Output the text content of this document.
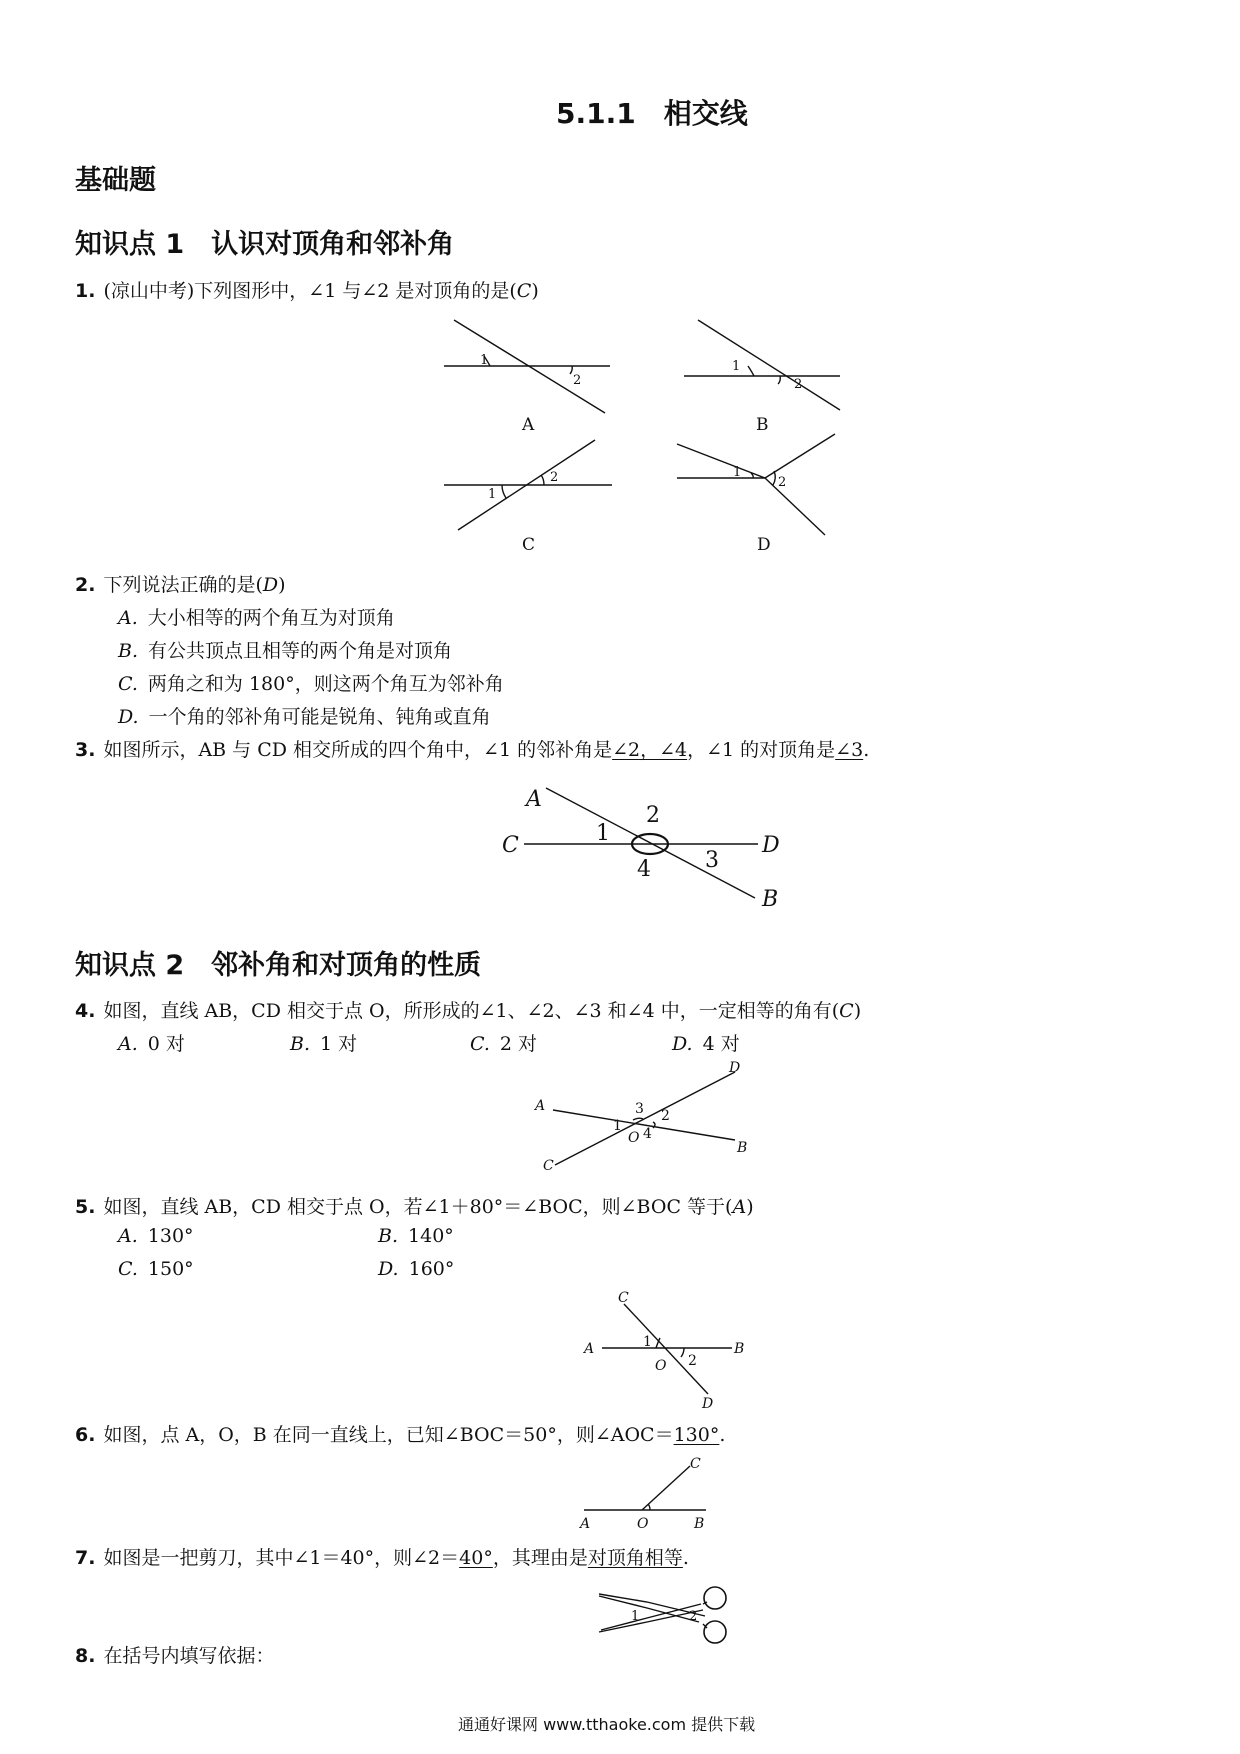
5.1.1　相交线
基础题
知识点 1　认识对顶角和邻补角
1. (凉山中考)下列图形中，∠1 与∠2 是对顶角的是(C)
1
2
A
1
2
B
1
2
C
1
2
D
2. 下列说法正确的是(D)
A. 大小相等的两个角互为对顶角
B. 有公共顶点且相等的两个角是对顶角
C. 两角之和为 180°，则这两个角互为邻补角
D. 一个角的邻补角可能是锐角、钝角或直角
3. 如图所示，AB 与 CD 相交所成的四个角中，∠1 的邻补角是∠2，∠4，∠1 的对顶角是∠3.
A
B
C	D
1
2
3
4
知识点 2　邻补角和对顶角的性质
4. 如图，直线 AB，CD 相交于点 O，所形成的∠1、∠2、∠3 和∠4 中，一定相等的角有(C)
A. 0 对	B. 1 对	C. 2 对	D. 4 对
A
B
C
D
O
1
2
3
4
5. 如图，直线 AB，CD 相交于点 O，若∠1＋80°＝∠BOC，则∠BOC 等于(A)
A. 130°	B. 140°
C. 150°	D. 160°
A	B
C
D
O
1
2
6. 如图，点 A，O，B 在同一直线上，已知∠BOC＝50°，则∠AOC＝130°.
A	O	B
C
7. 如图是一把剪刀，其中∠1＝40°，则∠2＝40°，其理由是对顶角相等.
1	2
8. 在括号内填写依据：
通通好课网 www.tthaoke.com 提供下载
